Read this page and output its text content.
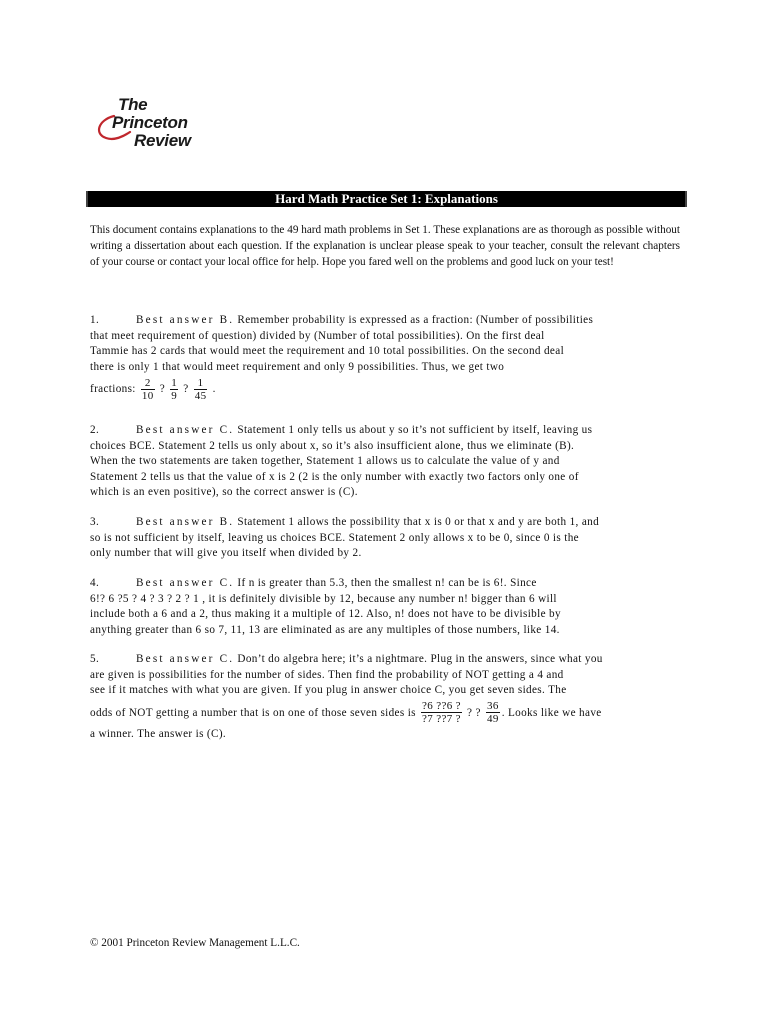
The
Princeton
Review
Hard Math Practice Set 1: Explanations

This document contains explanations to the 49 hard math problems in Set 1. These explanations are as thorough as possible without writing a dissertation about each question. If the explanation is unclear please speak to your teacher, consult the relevant chapters of your course or contact your local office for help. Hope you fared well on the problems and good luck on your test!

1.	Best answer B. Remember probability is expressed as a fraction: (Number of possibilities
that meet requirement of question) divided by (Number of total possibilities). On the first deal
Tammie has 2 cards that would meet the requirement and 10 total possibilities. On the second deal
there is only 1 that would meet requirement and only 9 possibilities. Thus, we get two
fractions: $\frac{2}{10}$ ? $\frac{1}{9}$ ? $\frac{1}{45}$ .
2.	Best answer C. Statement 1 only tells us about y so it’s not sufficient by itself, leaving us
choices BCE. Statement 2 tells us only about x, so it’s also insufficient alone, thus we eliminate (B).
When the two statements are taken together, Statement 1 allows us to calculate the value of y and
Statement 2 tells us that the value of x is 2 (2 is the only number with exactly two factors only one of
which is an even positive), so the correct answer is (C).
3.	Best answer B. Statement 1 allows the possibility that x is 0 or that x and y are both 1, and
so is not sufficient by itself, leaving us choices BCE. Statement 2 only allows x to be 0, since 0 is the
only number that will give you itself when divided by 2.
4.	Best answer C. If n is greater than 5.3, then the smallest n! can be is 6!. Since
6!? 6 ?5 ? 4 ? 3 ? 2 ? 1 , it is definitely divisible by 12, because any number n! bigger than 6 will
include both a 6 and a 2, thus making it a multiple of 12. Also, n! does not have to be divisible by
anything greater than 6 so 7, 11, 13 are eliminated as are any multiples of those numbers, like 14.
5.	Best answer C. Don’t do algebra here; it’s a nightmare. Plug in the answers, since what you
are given is possibilities for the number of sides. Then find the probability of NOT getting a 4 and
see if it matches with what you are given. If you plug in answer choice C, you get seven sides. The
odds of NOT getting a number that is on one of those seven sides is $\frac{?6 ??6 ?}{?7 ??7 ?}$ ? ? $\frac{36}{49}$ . Looks like we have
a winner. The answer is (C).

© 2001 Princeton Review Management L.L.C.
